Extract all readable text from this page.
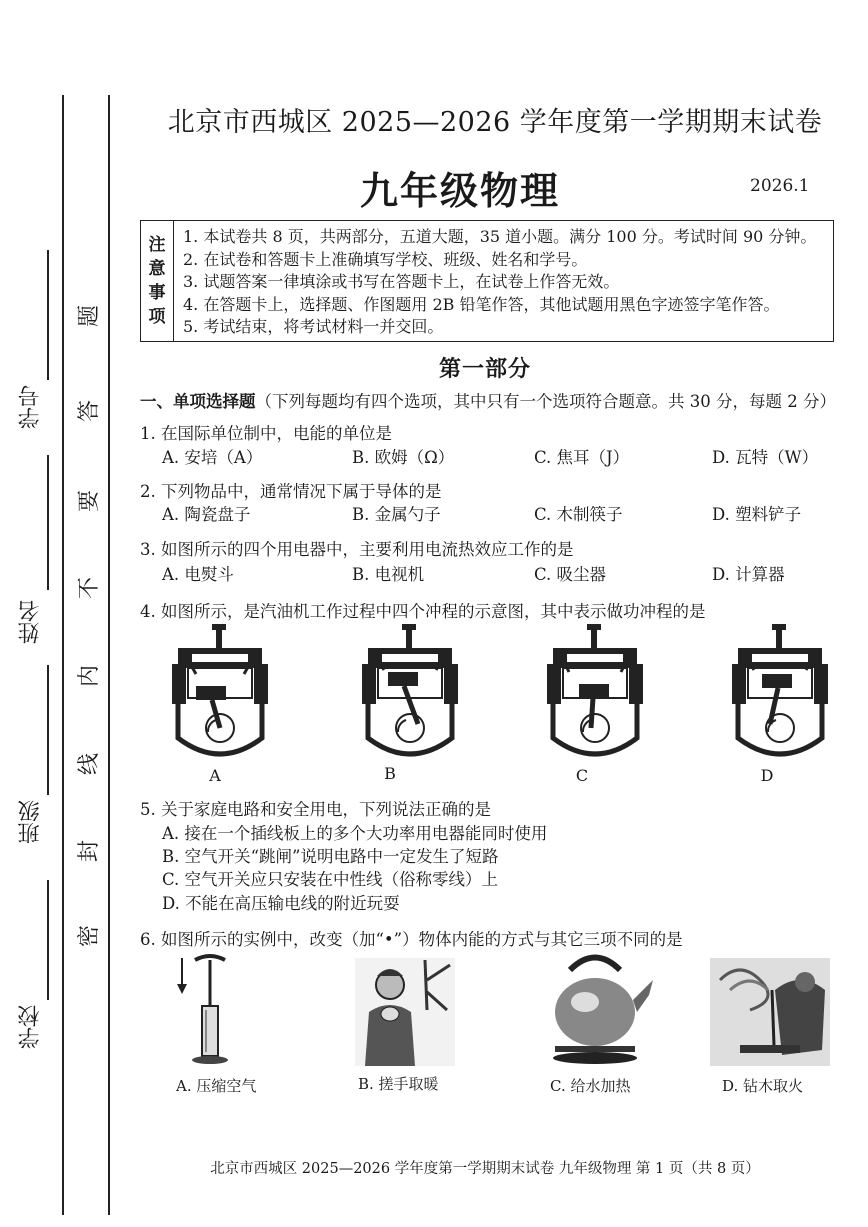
学校
班级
姓名
学号
密
封
线
内
不
要
答
题
北京市西城区 2025—2026 学年度第一学期期末试卷
九年级物理	2026.1
注
意
事
项
1. 本试卷共 8 页，共两部分，五道大题，35 道小题。满分 100 分。考试时间 90 分钟。
2. 在试卷和答题卡上准确填写学校、班级、姓名和学号。
3. 试题答案一律填涂或书写在答题卡上，在试卷上作答无效。
4. 在答题卡上，选择题、作图题用 2B 铅笔作答，其他试题用黑色字迹签字笔作答。
5. 考试结束，将考试材料一并交回。
第一部分
一、单项选择题（下列每题均有四个选项，其中只有一个选项符合题意。共 30 分，每题 2 分）
1. 在国际单位制中，电能的单位是
A. 安培（A）	B. 欧姆（Ω）	C. 焦耳（J）	D. 瓦特（W）
2. 下列物品中，通常情况下属于导体的是
A. 陶瓷盘子	B. 金属勺子	C. 木制筷子	D. 塑料铲子
3. 如图所示的四个用电器中，主要利用电流热效应工作的是
A. 电熨斗	B. 电视机	C. 吸尘器	D. 计算器
4. 如图所示，是汽油机工作过程中四个冲程的示意图，其中表示做功冲程的是
A	B	C	D
5. 关于家庭电路和安全用电，下列说法正确的是
A. 接在一个插线板上的多个大功率用电器能同时使用
B. 空气开关“跳闸”说明电路中一定发生了短路
C. 空气开关应只安装在中性线（俗称零线）上
D. 不能在高压输电线的附近玩耍
6. 如图所示的实例中，改变（加“•”）物体内能的方式与其它三项不同的是
A. 压缩空气	B. 搓手取暖	C. 给水加热	D. 钻木取火
北京市西城区 2025—2026 学年度第一学期期末试卷 九年级物理 第 1 页（共 8 页）
